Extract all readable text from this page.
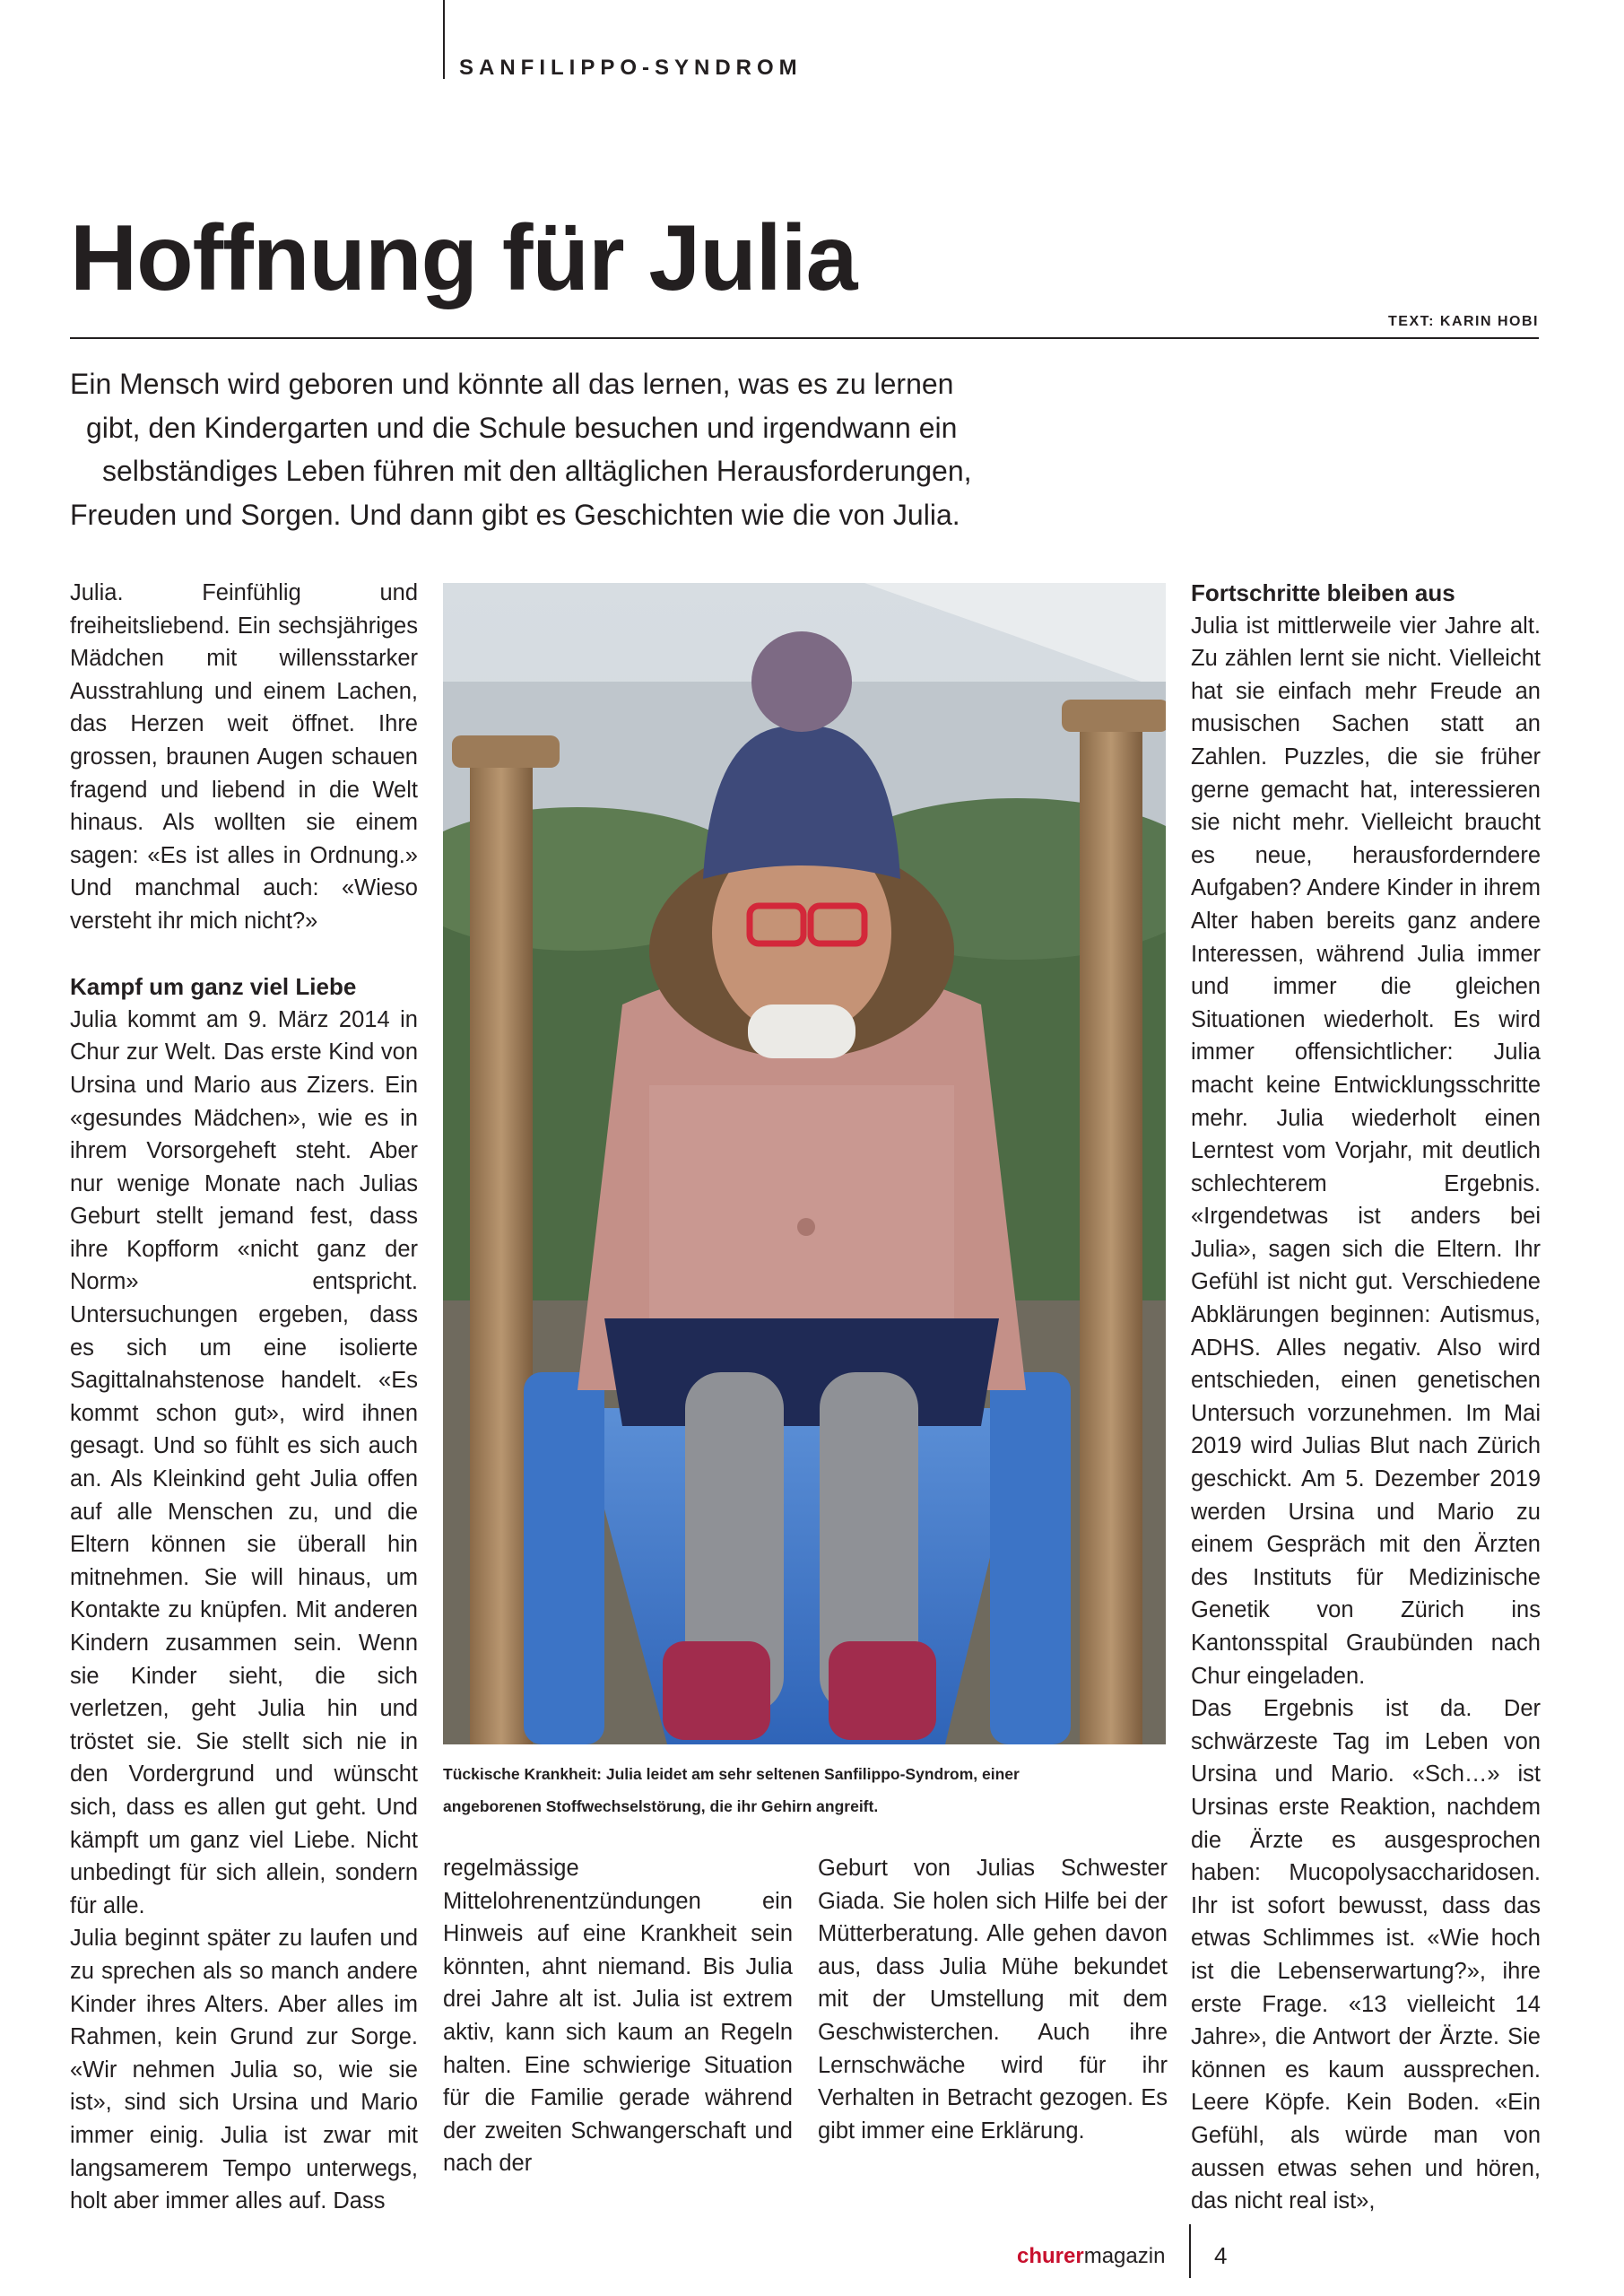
SANFILIPPO-SYNDROM
Hoffnung für Julia
TEXT: KARIN HOBI
Ein Mensch wird geboren und könnte all das lernen, was es zu lernen
gibt, den Kindergarten und die Schule besuchen und irgendwann ein
selbständiges Leben führen mit den alltäglichen Herausforderungen,
Freuden und Sorgen. Und dann gibt es Geschichten wie die von Julia.

Julia. Feinfühlig und freiheitsliebend. Ein sechsjähriges Mädchen mit willensstarker Ausstrahlung und einem Lachen, das Herzen weit öffnet. Ihre grossen, braunen Augen schauen fragend und liebend in die Welt hinaus. Als wollten sie einem sagen: «Es ist alles in Ordnung.» Und manchmal auch: «Wieso versteht ihr mich nicht?»

Kampf um ganz viel Liebe

Julia kommt am 9. März 2014 in Chur zur Welt. Das erste Kind von Ursina und Mario aus Zizers. Ein «gesundes Mädchen», wie es in ihrem Vorsorgeheft steht. Aber nur wenige Monate nach Julias Geburt stellt jemand fest, dass ihre Kopfform «nicht ganz der Norm» entspricht. Untersuchungen ergeben, dass es sich um eine isolierte Sagittalnahstenose handelt. «Es kommt schon gut», wird ihnen gesagt. Und so fühlt es sich auch an. Als Kleinkind geht Julia offen auf alle Menschen zu, und die Eltern können sie überall hin mitnehmen. Sie will hinaus, um Kontakte zu knüpfen. Mit anderen Kindern zusammen sein. Wenn sie Kinder sieht, die sich verletzen, geht Julia hin und tröstet sie. Sie stellt sich nie in den Vordergrund und wünscht sich, dass es allen gut geht. Und kämpft um ganz viel Liebe. Nicht unbedingt für sich allein, sondern für alle.

Julia beginnt später zu laufen und zu sprechen als so manch andere Kinder ihres Alters. Aber alles im Rahmen, kein Grund zur Sorge. «Wir nehmen Julia so, wie sie ist», sind sich Ursina und Mario immer einig. Julia ist zwar mit langsamerem Tempo unterwegs, holt aber immer alles auf. Dass

Tückische Krankheit: Julia leidet am sehr seltenen Sanfilippo-Syndrom, einer
angeborenen Stoffwechselstörung, die ihr Gehirn angreift.

regelmässige Mittelohrenentzündungen ein Hinweis auf eine Krankheit sein könnten, ahnt niemand. Bis Julia drei Jahre alt ist. Julia ist extrem aktiv, kann sich kaum an Regeln halten. Eine schwierige Situation für die Familie gerade während der zweiten Schwangerschaft und nach der

Geburt von Julias Schwester Giada. Sie holen sich Hilfe bei der Mütterberatung. Alle gehen davon aus, dass Julia Mühe bekundet mit der Umstellung mit dem Geschwisterchen. Auch ihre Lernschwäche wird für ihr Verhalten in Betracht gezogen. Es gibt immer eine Erklärung.

Fortschritte bleiben aus

Julia ist mittlerweile vier Jahre alt. Zu zählen lernt sie nicht. Vielleicht hat sie einfach mehr Freude an musischen Sachen statt an Zahlen. Puzzles, die sie früher gerne gemacht hat, interessieren sie nicht mehr. Vielleicht braucht es neue, herausforderndere Aufgaben? Andere Kinder in ihrem Alter haben bereits ganz andere Interessen, während Julia immer und immer die gleichen Situationen wiederholt. Es wird immer offensichtlicher: Julia macht keine Entwicklungsschritte mehr. Julia wiederholt einen Lerntest vom Vorjahr, mit deutlich schlechterem Ergebnis. «Irgendetwas ist anders bei Julia», sagen sich die Eltern. Ihr Gefühl ist nicht gut. Verschiedene Abklärungen beginnen: Autismus, ADHS. Alles negativ. Also wird entschieden, einen genetischen Untersuch vorzunehmen. Im Mai 2019 wird Julias Blut nach Zürich geschickt. Am 5. Dezember 2019 werden Ursina und Mario zu einem Gespräch mit den Ärzten des Instituts für Medizinische Genetik von Zürich ins Kantonsspital Graubünden nach Chur eingeladen.

Das Ergebnis ist da. Der schwärzeste Tag im Leben von Ursina und Mario. «Sch…» ist Ursinas erste Reaktion, nachdem die Ärzte es ausgesprochen haben: Mucopolysaccharidosen. Ihr ist sofort bewusst, dass das etwas Schlimmes ist. «Wie hoch ist die Lebenserwartung?», ihre erste Frage. «13 vielleicht 14 Jahre», die Antwort der Ärzte. Sie können es kaum aussprechen. Leere Köpfe. Kein Boden. «Ein Gefühl, als würde man von aussen etwas sehen und hören, das nicht real ist»,

churermagazin 4
